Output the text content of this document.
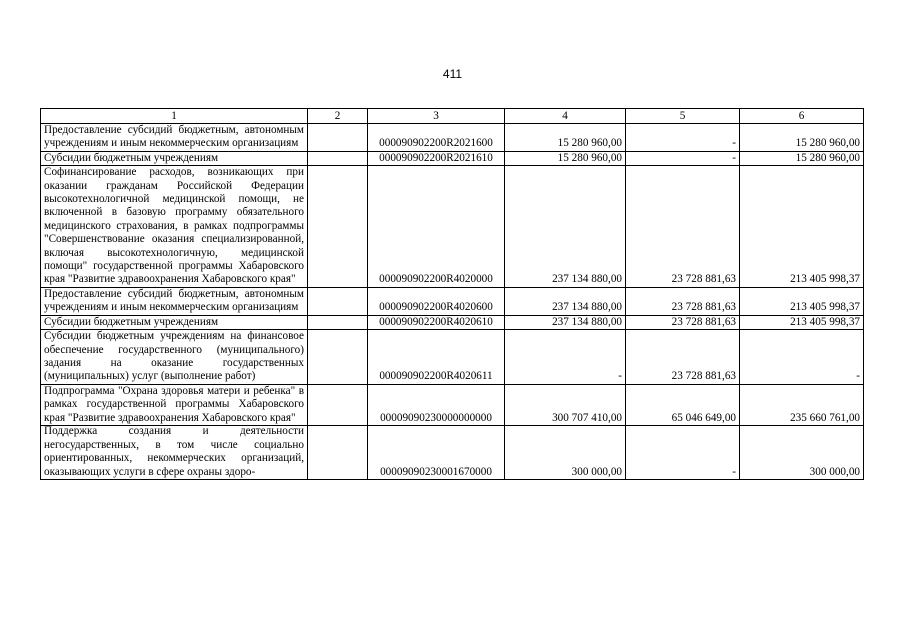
411
1	2	3	4	5	6
Предоставление субсидий бюджетным, автономным учреждениям и иным некоммерческим организациям		000090902200R2021600	15 280 960,00	-	15 280 960,00
Субсидии бюджетным учреждениям		000090902200R2021610	15 280 960,00	-	15 280 960,00
Софинансирование расходов, возникающих при оказании гражданам Российской Федерации высокотехнологичной медицинской помощи, не включенной в базовую программу обязательного медицинского страхования, в рамках подпрограммы "Совершенствование оказания специализированной, включая высокотехнологичную, медицинской помощи" государственной программы Хабаровского края "Развитие здравоохранения Хабаровского края"		000090902200R4020000	237 134 880,00	23 728 881,63	213 405 998,37
Предоставление субсидий бюджетным, автономным учреждениям и иным некоммерческим организациям		000090902200R4020600	237 134 880,00	23 728 881,63	213 405 998,37
Субсидии бюджетным учреждениям		000090902200R4020610	237 134 880,00	23 728 881,63	213 405 998,37
Субсидии бюджетным учреждениям на финансовое обеспечение государственного (муниципального) задания на оказание государственных (муниципальных) услуг (выполнение работ)		000090902200R4020611	-	23 728 881,63	-
Подпрограмма "Охрана здоровья матери и ребенка" в рамках государственной программы Хабаровского края "Развитие здравоохранения Хабаровского края"		00009090230000000000	300 707 410,00	65 046 649,00	235 660 761,00

Поддержка создания и деятельности негосударственных, в том числе социально ориентированных, некоммерческих организаций, оказывающих услуги в сфере охраны здоро-		00009090230001670000	300 000,00	-	300 000,00
